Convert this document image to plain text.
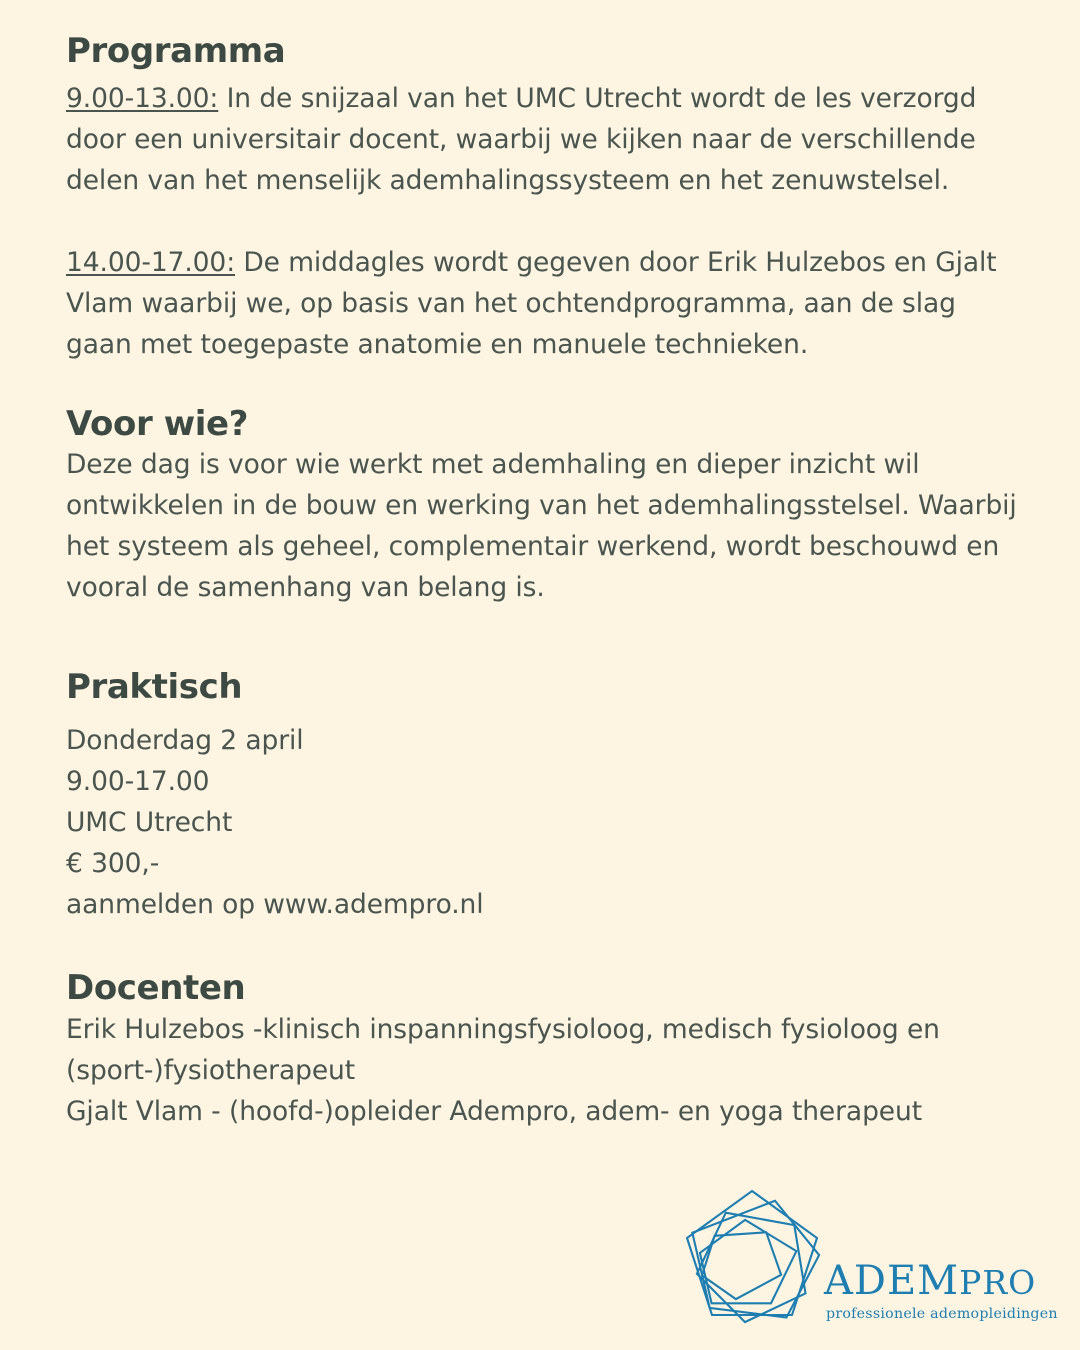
Programma

9.00-13.00: In de snijzaal van het UMC Utrecht wordt de les verzorgd door een universitair docent, waarbij we kijken naar de verschillende delen van het menselijk ademhalingssysteem en het zenuwstelsel.

14.00-17.00: De middagles wordt gegeven door Erik Hulzebos en Gjalt Vlam waarbij we, op basis van het ochtendprogramma, aan de slag gaan met toegepaste anatomie en manuele technieken.

Voor wie?

Deze dag is voor wie werkt met ademhaling en dieper inzicht wil ontwikkelen in de bouw en werking van het ademhalingsstelsel. Waarbij het systeem als geheel, complementair werkend, wordt beschouwd en vooral de samenhang van belang is.

Praktisch
Donderdag 2 april
9.00-17.00
UMC Utrecht
€ 300,-
aanmelden op www.adempro.nl
Docenten
Erik Hulzebos -klinisch inspanningsfysioloog, medisch fysioloog en (sport-)fysiotherapeut
Gjalt Vlam - (hoofd-)opleider Adempro, adem- en yoga therapeut
ADEMPRO
professionele ademopleidingen
